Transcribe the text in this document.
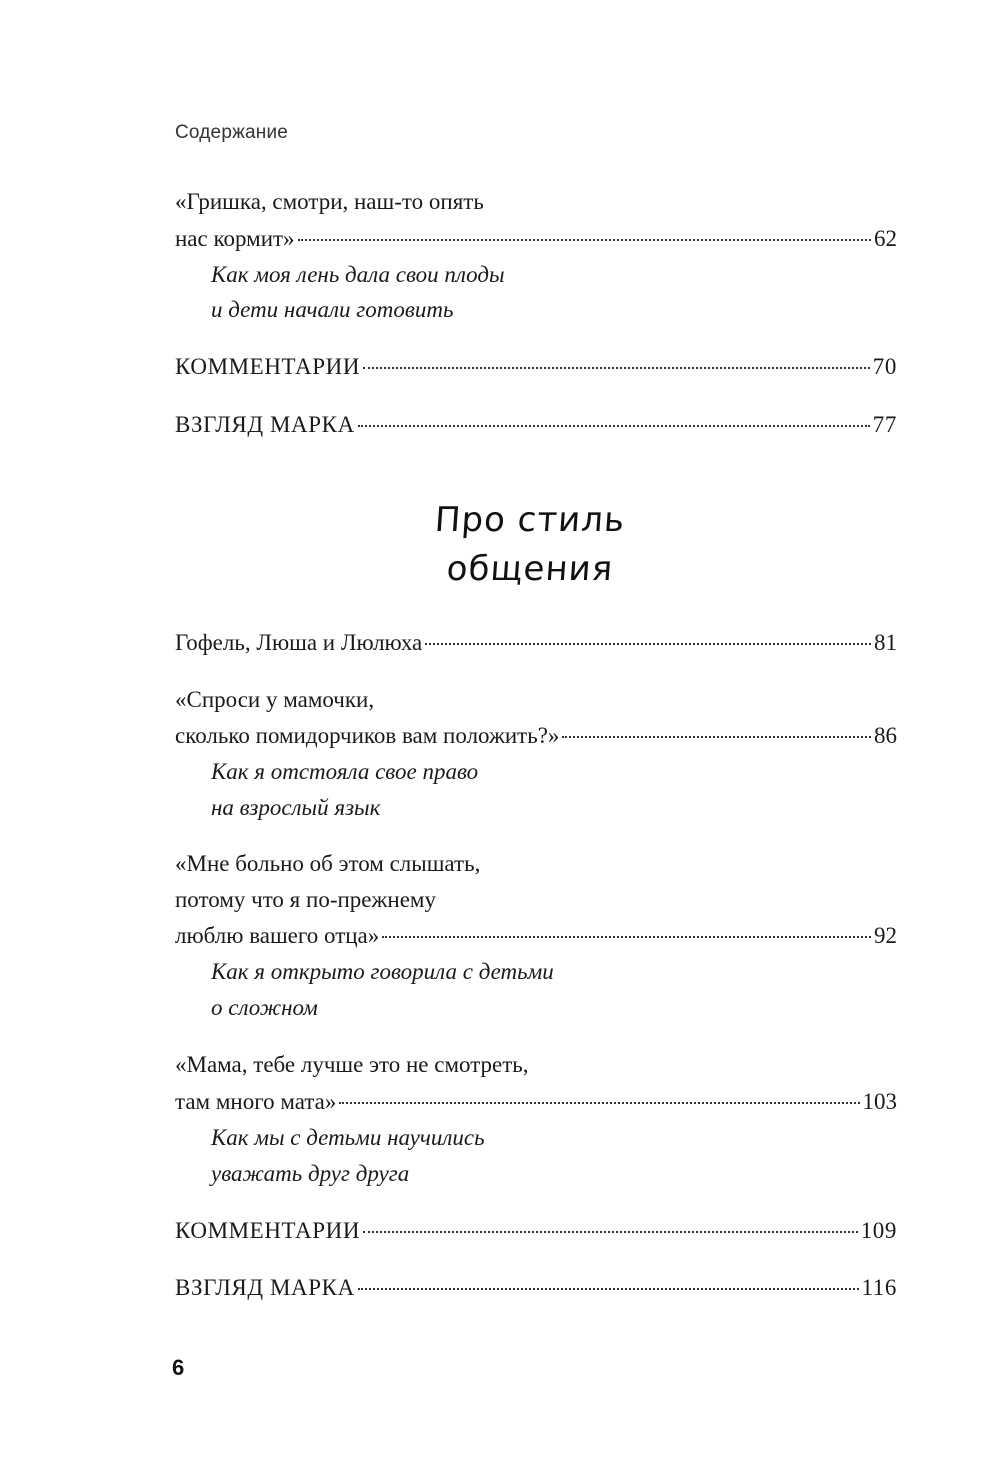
Содержание
«Гришка, смотри, наш-то опять
нас кормит»	62
Как моя лень дала свои плоды
и дети начали готовить
КОММЕНТАРИИ	70
ВЗГЛЯД МАРКА	77
Про стиль
общения
Гофель, Люша и Люлюха	81
«Спроси у мамочки,
сколько помидорчиков вам положить?»	86
Как я отстояла свое право
на взрослый язык
«Мне больно об этом слышать,
потому что я по-прежнему
люблю вашего отца»	92
Как я открыто говорила с детьми
о сложном
«Мама, тебе лучше это не смотреть,
там много мата»	103
Как мы с детьми научились
уважать друг друга
КОММЕНТАРИИ	109
ВЗГЛЯД МАРКА	116
6
